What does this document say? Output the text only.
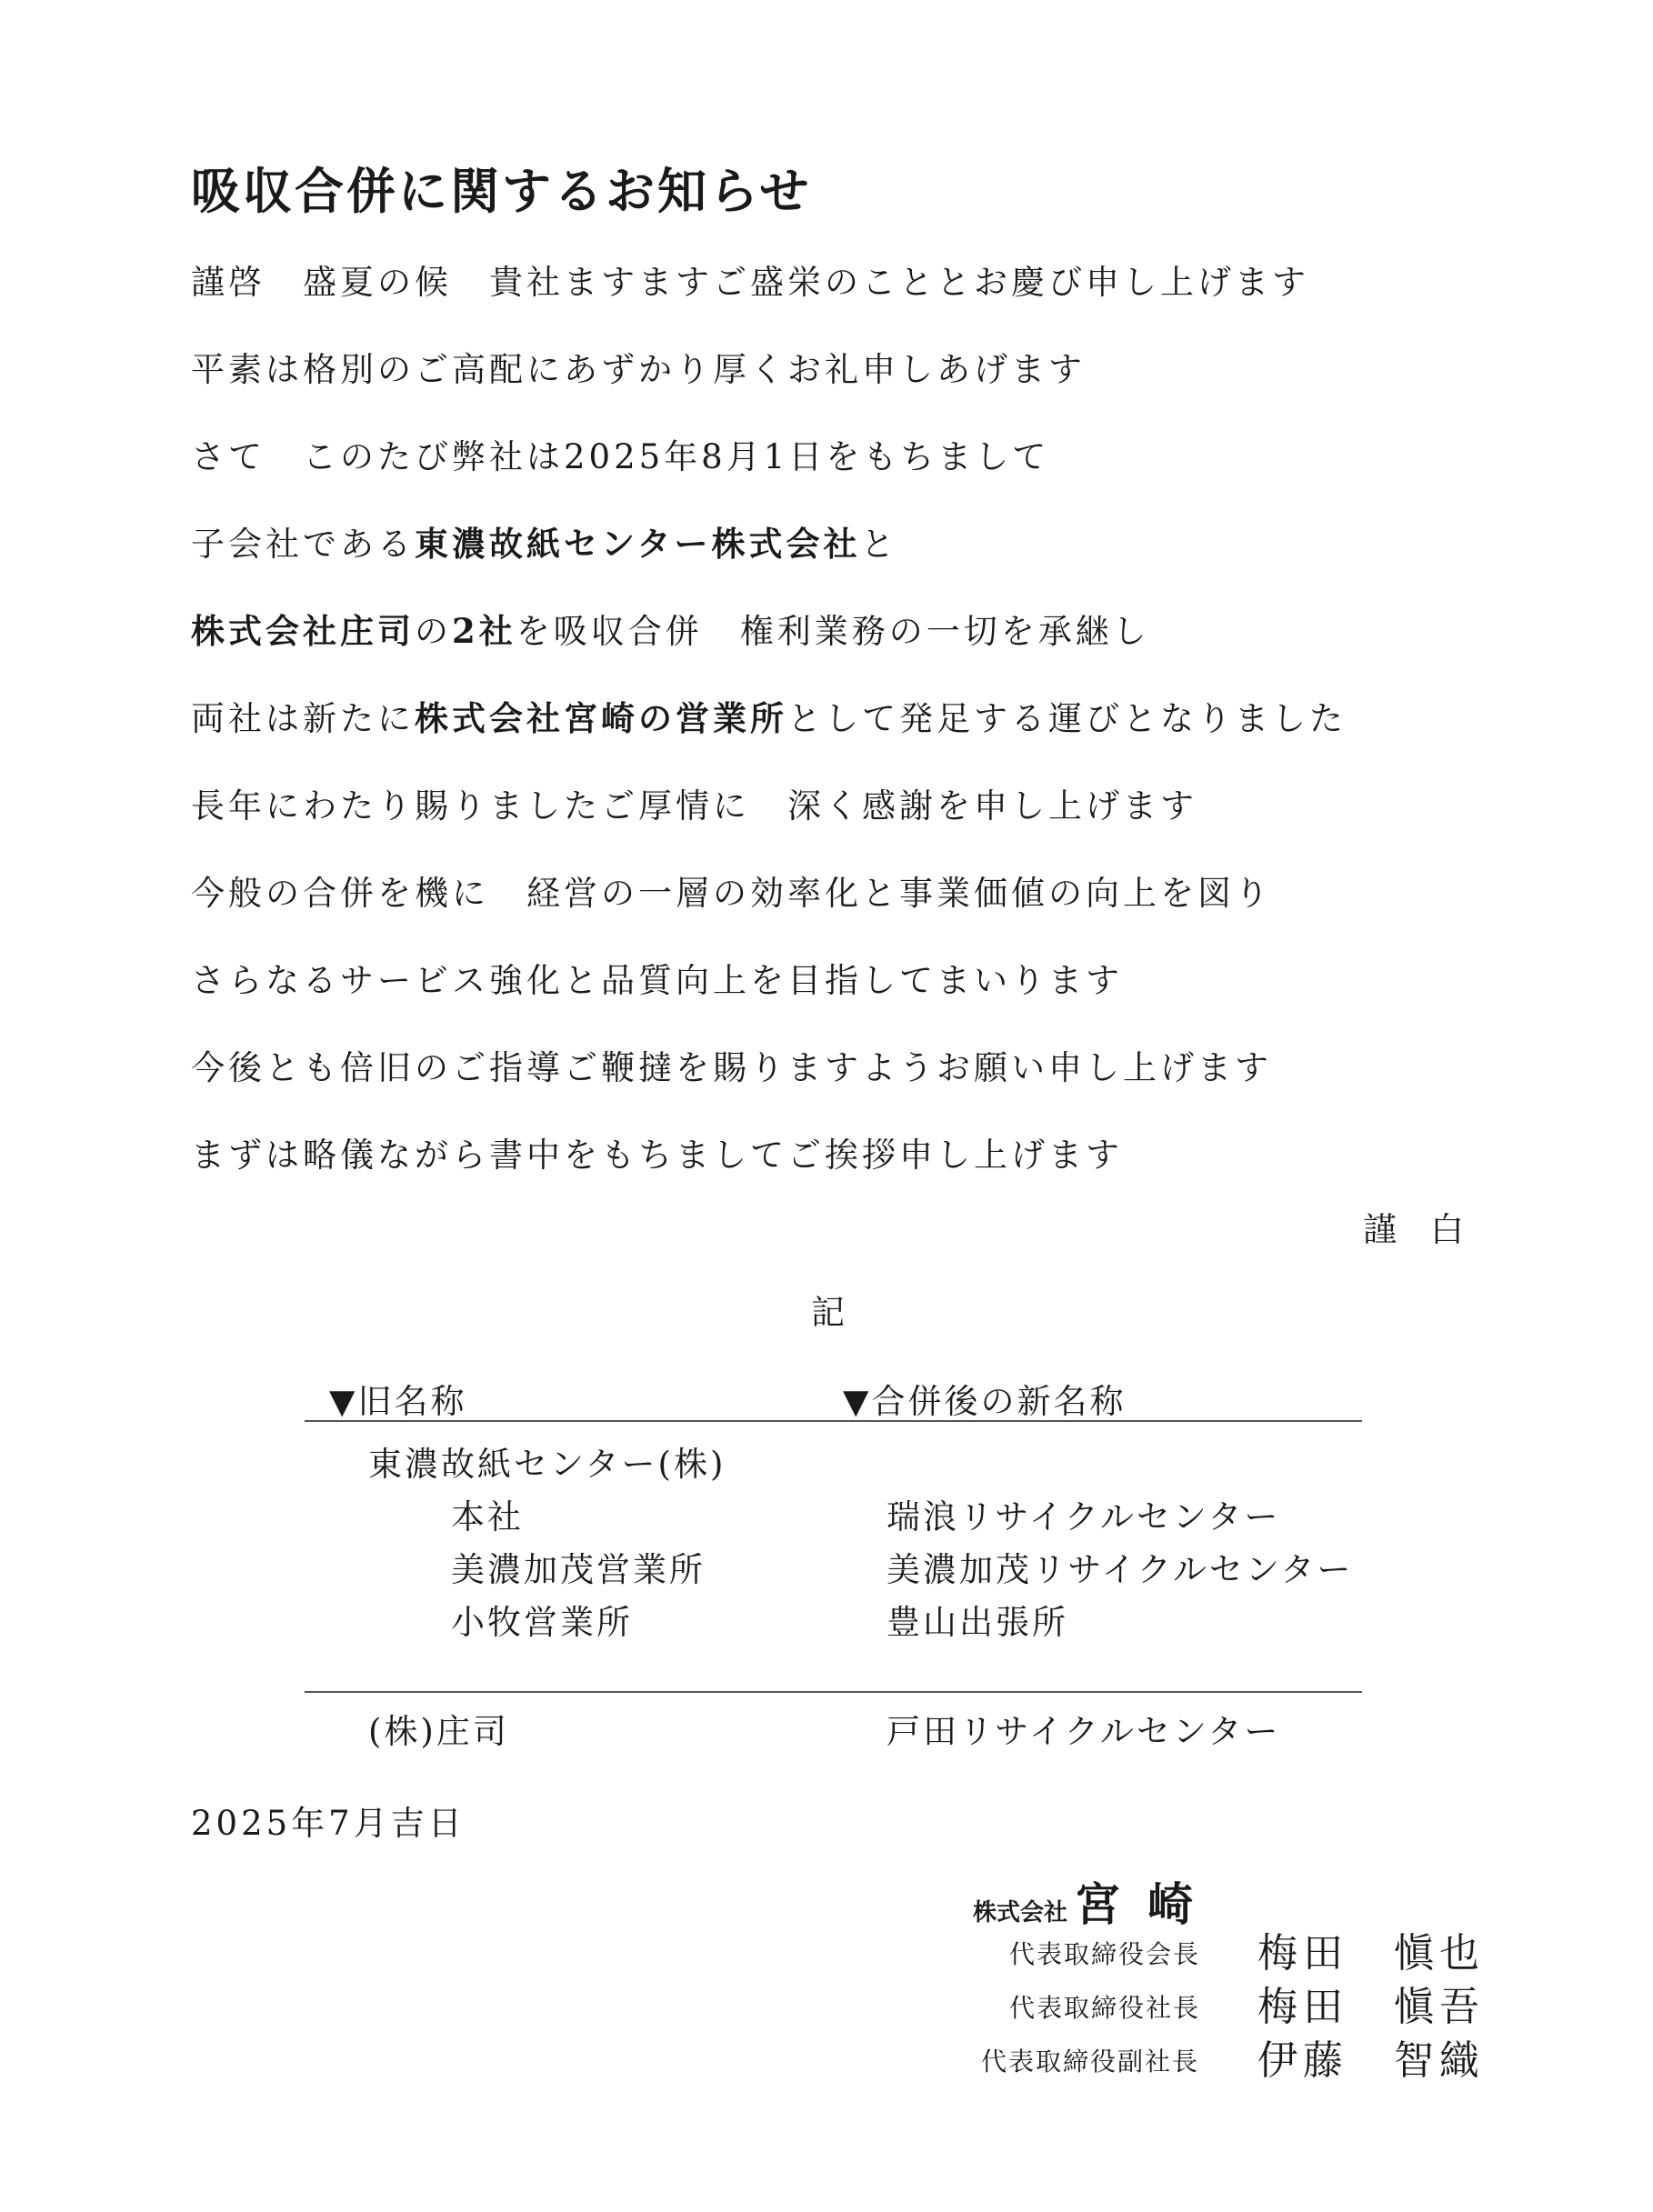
吸収合併に関するお知らせ
謹啓　盛夏の候　貴社ますますご盛栄のこととお慶び申し上げます
平素は格別のご高配にあずかり厚くお礼申しあげます
さて　このたび弊社は2025年8月1日をもちまして
子会社である東濃故紙センター株式会社と
株式会社庄司の2社を吸収合併　権利業務の一切を承継し
両社は新たに株式会社宮崎の営業所として発足する運びとなりました
長年にわたり賜りましたご厚情に　深く感謝を申し上げます
今般の合併を機に　経営の一層の効率化と事業価値の向上を図り
さらなるサービス強化と品質向上を目指してまいります
今後とも倍旧のご指導ご鞭撻を賜りますようお願い申し上げます
まずは略儀ながら書中をもちましてご挨拶申し上げます
謹　白
記
▼旧名称	▼合併後の新名称
東濃故紙センター(株)
本社	瑞浪リサイクルセンター
美濃加茂営業所	美濃加茂リサイクルセンター
小牧営業所	豊山出張所
(株)庄司	戸田リサイクルセンター
2025年7月吉日
株式会社 宮崎
代表取締役会長 梅田　愼也
代表取締役社長 梅田　愼吾
代表取締役副社長 伊藤　智織
